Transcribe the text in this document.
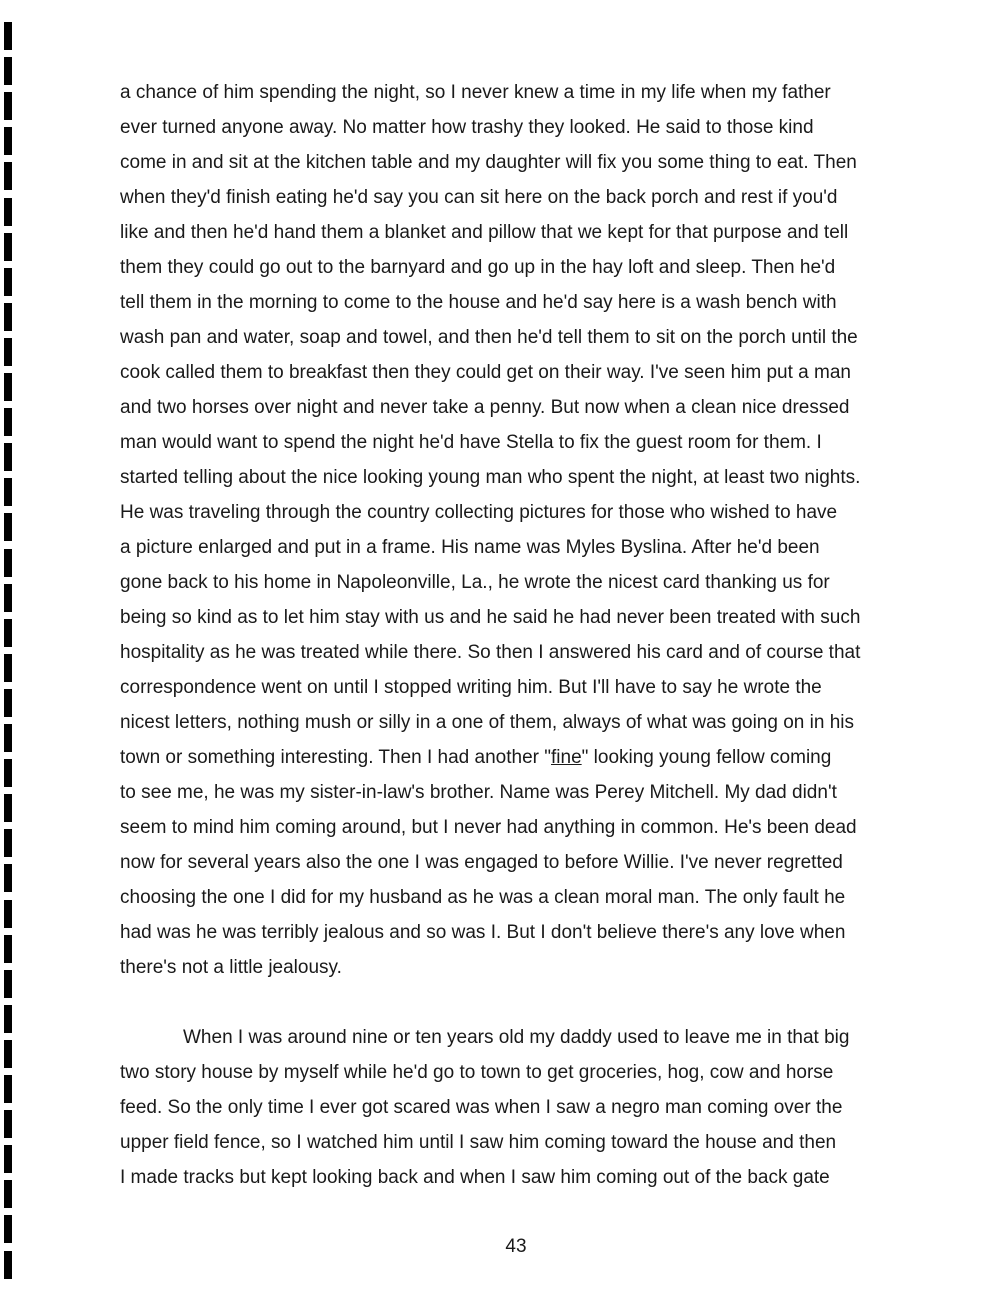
a chance of him spending the night, so I never knew a time in my life when my father
ever turned anyone away. No matter how trashy they looked. He said to those kind
come in and sit at the kitchen table and my daughter will fix you some thing to eat. Then
when they'd finish eating he'd say you can sit here on the back porch and rest if you'd
like and then he'd hand them a blanket and pillow that we kept for that purpose and tell
them they could go out to the barnyard and go up in the hay loft and sleep. Then he'd
tell them in the morning to come to the house and he'd say here is a wash bench with
wash pan and water, soap and towel, and then he'd tell them to sit on the porch until the
cook called them to breakfast then they could get on their way. I've seen him put a man
and two horses over night and never take a penny. But now when a clean nice dressed
man would want to spend the night he'd have Stella to fix the guest room for them. I
started telling about the nice looking young man who spent the night, at least two nights.
He was traveling through the country collecting pictures for those who wished to have
a picture enlarged and put in a frame. His name was Myles Byslina. After he'd been
gone back to his home in Napoleonville, La., he wrote the nicest card thanking us for
being so kind as to let him stay with us and he said he had never been treated with such
hospitality as he was treated while there. So then I answered his card and of course that
correspondence went on until I stopped writing him. But I'll have to say he wrote the
nicest letters, nothing mush or silly in a one of them, always of what was going on in his
town or something interesting. Then I had another "fine" looking young fellow coming
to see me, he was my sister-in-law's brother. Name was Perey Mitchell. My dad didn't
seem to mind him coming around, but I never had anything in common. He's been dead
now for several years also the one I was engaged to before Willie. I've never regretted
choosing the one I did for my husband as he was a clean moral man. The only fault he
had was he was terribly jealous and so was I. But I don't believe there's any love when
there's not a little jealousy.
When I was around nine or ten years old my daddy used to leave me in that big
two story house by myself while he'd go to town to get groceries, hog, cow and horse
feed. So the only time I ever got scared was when I saw a negro man coming over the
upper field fence, so I watched him until I saw him coming toward the house and then
I made tracks but kept looking back and when I saw him coming out of the back gate
43
